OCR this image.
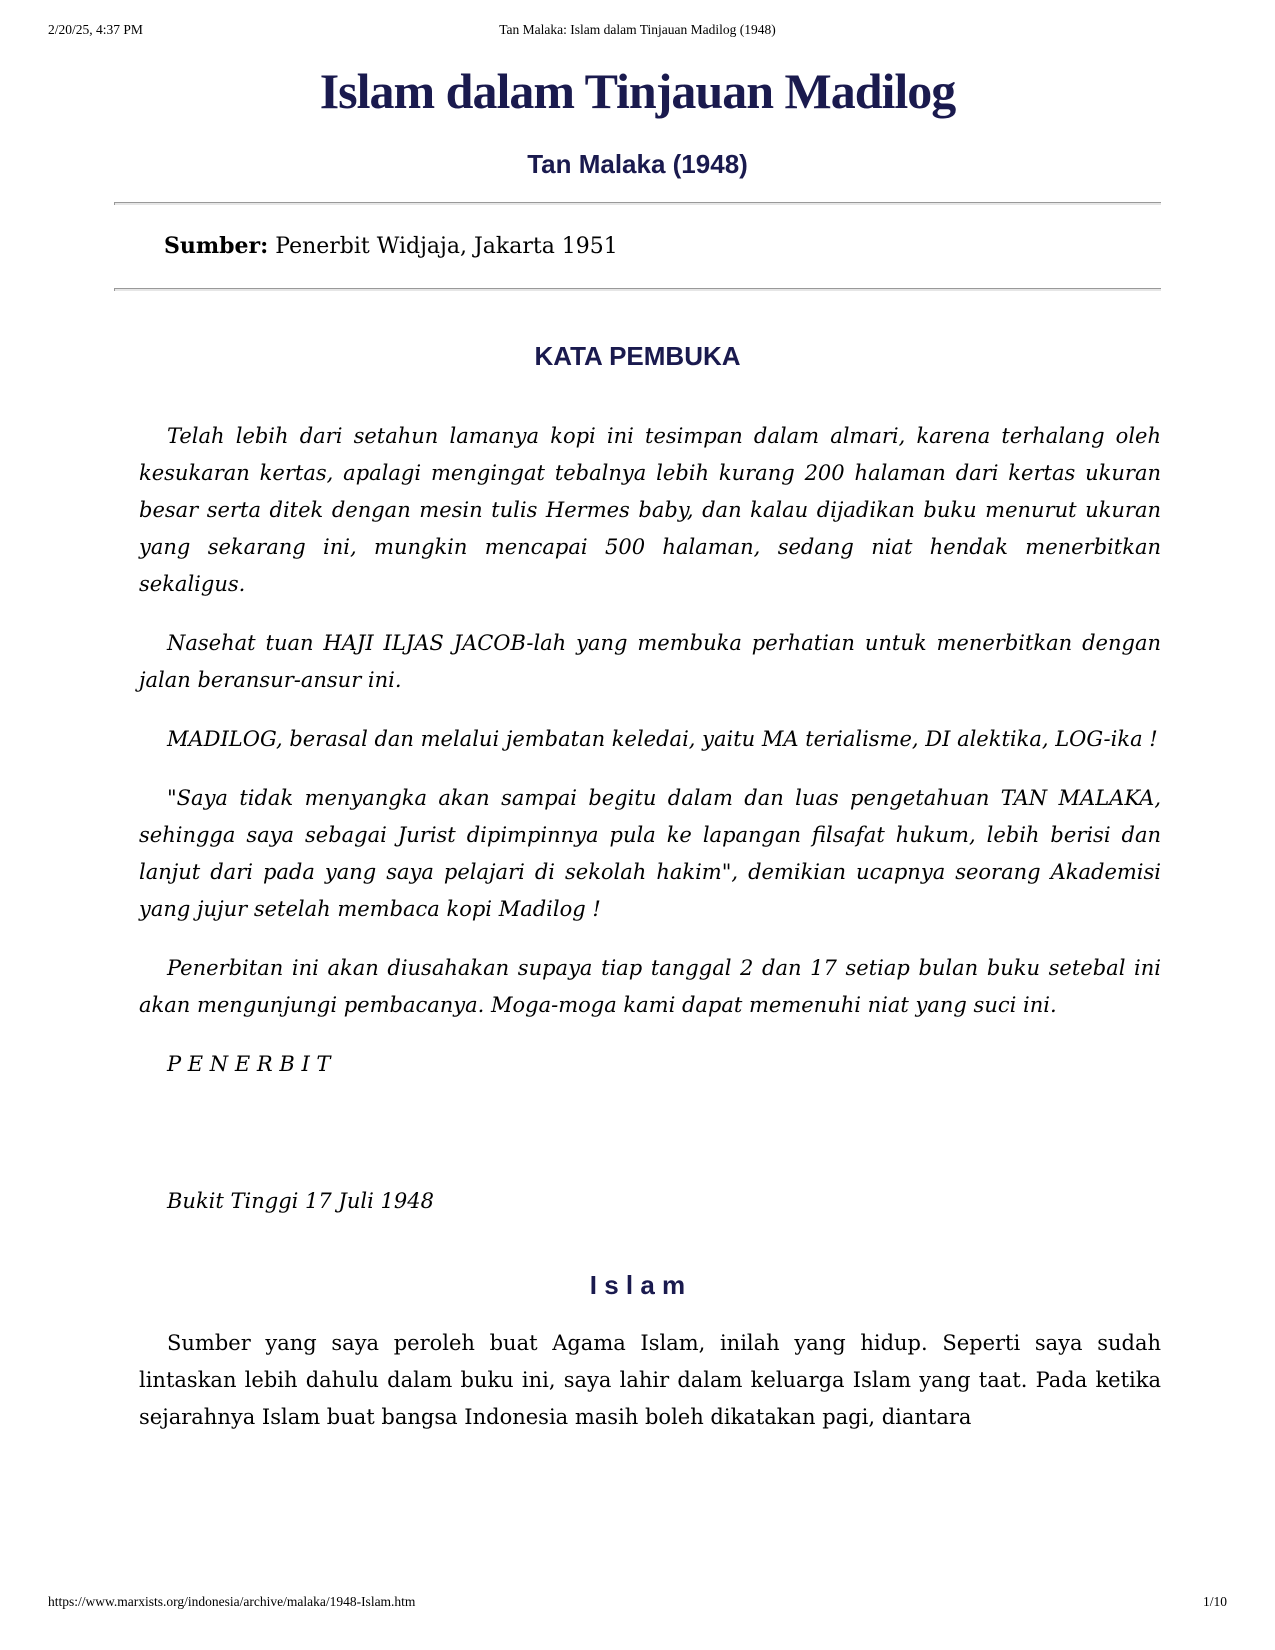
2/20/25, 4:37 PM	Tan Malaka: Islam dalam Tinjauan Madilog (1948)
Islam dalam Tinjauan Madilog
Tan Malaka (1948)

Sumber: Penerbit Widjaja, Jakarta 1951

KATA PEMBUKA

Telah lebih dari setahun lamanya kopi ini tesimpan dalam almari, karena terhalang oleh kesukaran kertas, apalagi mengingat tebalnya lebih kurang 200 halaman dari kertas ukuran besar serta ditek dengan mesin tulis Hermes baby, dan kalau dijadikan buku menurut ukuran yang sekarang ini, mungkin mencapai 500 halaman, sedang niat hendak menerbitkan sekaligus.

Nasehat tuan HAJI ILJAS JACOB-lah yang membuka perhatian untuk menerbitkan dengan jalan beransur-ansur ini.

MADILOG, berasal dan melalui jembatan keledai, yaitu MA terialisme, DI alektika, LOG-ika !

"Saya tidak menyangka akan sampai begitu dalam dan luas pengetahuan TAN MALAKA, sehingga saya sebagai Jurist dipimpinnya pula ke lapangan filsafat hukum, lebih berisi dan lanjut dari pada yang saya pelajari di sekolah hakim", demikian ucapnya seorang Akademisi yang jujur setelah membaca kopi Madilog !

Penerbitan ini akan diusahakan supaya tiap tanggal 2 dan 17 setiap bulan buku setebal ini akan mengunjungi pembacanya. Moga-moga kami dapat memenuhi niat yang suci ini.

P E N E R B I T

Bukit Tinggi 17 Juli 1948

I s l a m

Sumber yang saya peroleh buat Agama Islam, inilah yang hidup. Seperti saya sudah lintaskan lebih dahulu dalam buku ini, saya lahir dalam keluarga Islam yang taat. Pada ketika sejarahnya Islam buat bangsa Indonesia masih boleh dikatakan pagi, diantara

https://www.marxists.org/indonesia/archive/malaka/1948-Islam.htm	1/10
